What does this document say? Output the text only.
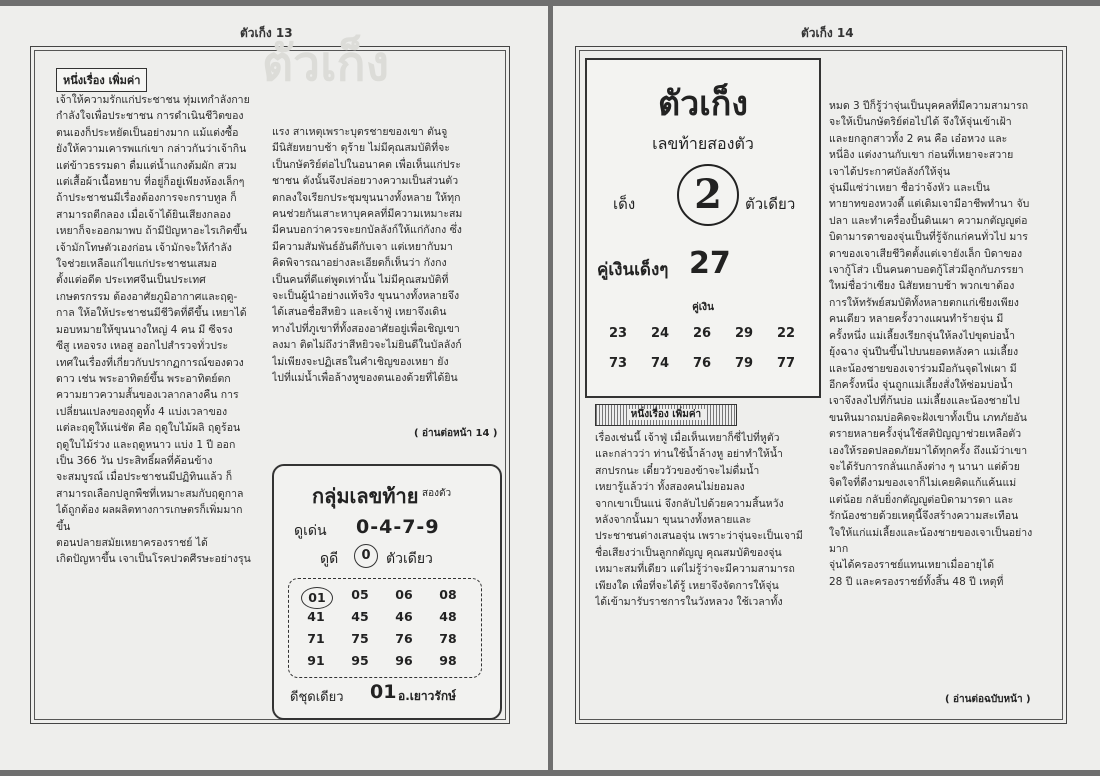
ตัวเก็ง 13
ตัวเก็ง
หนึ่งเรื่อง เพิ่มค่า
เจ้าให้ความรักแก่ประชาชน ทุ่มเทกำลังกาย
กำลังใจเพื่อประชาชน การดำเนินชีวิตของ
ตนเองก็ประหยัดเป็นอย่างมาก แม้แต่งซื้อ
ยังให้ความเคารพแก่เขา กล่าวกันว่าเจ้ากิน
แต่ข้าวธรรมดา ดื่มแต่น้ำแกงต้มผัก สวม
แต่เสื้อผ้าเนื้อหยาบ ที่อยู่ก็อยู่เพียงห้องเล็กๆ
ถ้าประชาชนมีเรื่องต้องการจะกราบทูล ก็
สามารถตีกลอง เมื่อเจ้าได้ยินเสียงกลอง
เหยาก็จะออกมาพบ ถ้ามีปัญหาอะไรเกิดขึ้น
เจ้ามักโทษตัวเองก่อน เจ้ามักจะให้กำลัง
ใจช่วยเหลือแก่ไขแก่ประชาชนเสมอ
ตั้งแต่อดีต ประเทศจีนเป็นประเทศ
เกษตรกรรม ต้องอาศัยภูมิอากาศและฤดู-
กาล ให้อให้ประชาชนมีชีวิตที่ดีขึ้น เหยาได้
มอบหมายให้ขุนนางใหญ่ 4 คน มี ซีจรง
ซีสู เหอจรง เหอสู ออกไปสำรวจทั่วประ
เทศในเรื่องที่เกี่ยวกับปรากฏการณ์ของดวง
ดาว เช่น พระอาทิตย์ขึ้น พระอาทิตย์ตก
ความยาวความสั้นของเวลากลางคืน การ
เปลี่ยนแปลงของฤดูทั้ง 4 แบ่งเวลาของ
แต่ละฤดูให้แน่ชัด คือ ฤดูใบไม้ผลิ ฤดูร้อน
ฤดูใบไม้ร่วง และฤดูหนาว แบ่ง 1 ปี ออก
เป็น 366 วัน ประสิทธิ์ผลที่ค้อนข้าง
จะสมบูรณ์ เมื่อประชาชนมีปฏิทินแล้ว ก็
สามารถเลือกปลูกพืชที่เหมาะสมกับฤดูกาล
ได้ถูกต้อง ผลผลิตทางการเกษตรก็เพิ่มมาก
ขึ้น
ตอนปลายสมัยเหยาครองราชย์ ได้
เกิดปัญหาขึ้น เจาเป็นโรคปวดศีรษะอย่างรุน
แรง สาเหตุเพราะบุตรชายของเขา ตันจู
มีนิสัยหยาบช้า ดุร้าย ไม่มีคุณสมบัติที่จะ
เป็นกษัตริย์ต่อไปในอนาคต เพื่อเห็นแก่ประ
ชาชน ดังนั้นจึงปล่อยวางความเป็นส่วนตัว
ตกลงใจเรียกประชุมขุนนางทั้งหลาย ให้ทุก
คนช่วยกันเสาะหาบุคคลที่มีความเหมาะสม
มีคนบอกว่าควรจะยกบัลลังก์ให้แก่กังกง ซึ่ง
มีความสัมพันธ์อันดีกับเจา แต่เหยากับมา
คิดพิจารณาอย่างละเอียดก็เห็นว่า กังกง
เป็นคนที่ดีแต่พูดเท่านั้น ไม่มีคุณสมบัติที่
จะเป็นผู้นำอย่างแท้จริง ขุนนางทั้งหลายจึง
ได้เสนอชื่อสีหยิว และเจ้าฟู่ เหยาจึงเดิน
ทางไปที่ภูเขาที่ทั้งสองอาศัยอยู่เพื่อเชิญเขา
ลงมา ติดไม่ถึงว่าสีหยิวจะไม่ยินดีในบัลลังก์
ไม่เพียงจะปฏิเสธในคำเชิญของเหยา ยัง
ไปที่แม่น้ำเพื่อล้างหูของตนเองด้วยที่ได้ยิน
( อ่านต่อหน้า 14 )
กลุ่มเลขท้าย สองตัว
ดูเด่น 0-4-7-9
ดูดี	0	ตัวเดียว
01	05	06	08
41	45	46	48
71	75	76	78
91	95	96	98
ดีชุดเดียว 01 อ.เยาวรักษ์
ตัวเก็ง 14
ตัวเก็ง
เลขท้ายสองตัว
เด็ง	2	ตัวเดียว
คู่เงินเด็งๆ 27
คู่เงิน
23	24	26	29	22
73	74	76	79	77
หนึ่งเรื่อง เพิ่มค่า
เรื่องเช่นนี้ เจ้าฟู่ เมื่อเห็นเหยาก็ซี่ไปที่หูตัว
และกล่าวว่า ท่านใช้น้ำล้างหู อย่าทำให้น้ำ
สกปรกนะ เดี๋ยววัวของข้าจะไม่ดื่มน้ำ
เหยารู้แล้วว่า ทั้งสองคนไม่ยอมลง
จากเขาเป็นแน่ จึงกลับไปด้วยความสิ้นหวัง
หลังจากนั้นมา ขุนนางทั้งหลายและ
ประชาชนต่างเสนอจุ่น เพราะว่าจุ่นจะเป็นเจามี
ชื่อเสียงว่าเป็นลูกกตัญญู คุณสมบัติของจุ่น
เหมาะสมที่เดียว แต่ไม่รู้ว่าจะมีความสามารถ
เพียงใด เพื่อที่จะได้รู้ เหยาจึงจัดการให้จุ่น
ได้เข้ามารับราชการในวังหลวง ใช้เวลาทั้ง
หมด 3 ปีก็รู้ว่าจุ่นเป็นบุคคลที่มีความสามารถ
จะให้เป็นกษัตริย์ต่อไปได้ จึงให้จุ่นเข้าเฝ้า
และยกลูกสาวทั้ง 2 คน คือ เอ๋อหวง และ
หนี่อิง แต่งงานกับเขา ก่อนที่เหยาจะสวาย
เจาได้ประกาศบัลลังก์ให้จุ่น
จุ่นมีแซ่ว่าเหยา ชื่อว่าจ้งหัว และเป็น
ทายาทของหวงตี้ แต่เดิมเจามีอาชีพทำนา จับ
ปลา และทำเครื่องปั้นดินเผา ความกตัญญูต่อ
บิดามารดาของจุ่นเป็นที่รู้จักแก่คนทั่วไป มาร
ดาของเจาเสียชีวิตตั้งแต่เจายังเล็ก บิดาของ
เจากู้โส่ว เป็นคนตาบอดกู้โส่วมีลูกกับภรรยา
ใหม่ชื่อว่าเซียง นิสัยหยาบช้า พวกเขาต้อง
การให้ทรัพย์สมบัติทั้งหลายตกแก่เซียงเพียง
คนเดียว หลายครั้งวางแผนทำร้ายจุ่น มี
ครั้งหนึ่ง แม่เลี้ยงเรียกจุ่นให้ลงไปขุดบ่อน้ำ
ยุ้งฉาง จุ่นปีนขึ้นไปบนยอดหลังคา แม่เลี้ยง
และน้องชายของเจาร่วมมือกันจุดไฟเผา มี
อีกครั้งหนึ่ง จุ่นถูกแม่เลี้ยงสั่งให้ซ่อมบ่อน้ำ
เจาจึงลงไปที่ก้นบ่อ แม่เลี้ยงและน้องชายไป
ขนหินมาถมบ่อคิดจะฝังเขาทั้งเป็น เภทภัยอัน
ตรายหลายครั้งจุ่นใช้สติปัญญาช่วยเหลือตัว
เองให้รอดปลอดภัยมาได้ทุกครั้ง ถึงแม้ว่าเขา
จะได้รับการกลั่นแกล้งต่าง ๆ นานา แต่ด้วย
จิตใจที่ดีงามของเจาก็ไม่เคยคิดแก้แค้นแม่
แต่น้อย กลับยิ่งกตัญญูต่อบิดามารดา และ
รักน้องชายด้วยเหตุนี้จึงสร้างความสะเทือน
ใจให้แก่แม่เลี้ยงและน้องชายของเจาเป็นอย่าง
มาก
จุ่นได้ครองราชย์แทนเหยาเมื่ออายุได้
28 ปี และครองราชย์ทั้งสิ้น 48 ปี เหตุที่
( อ่านต่อฉบับหน้า )
